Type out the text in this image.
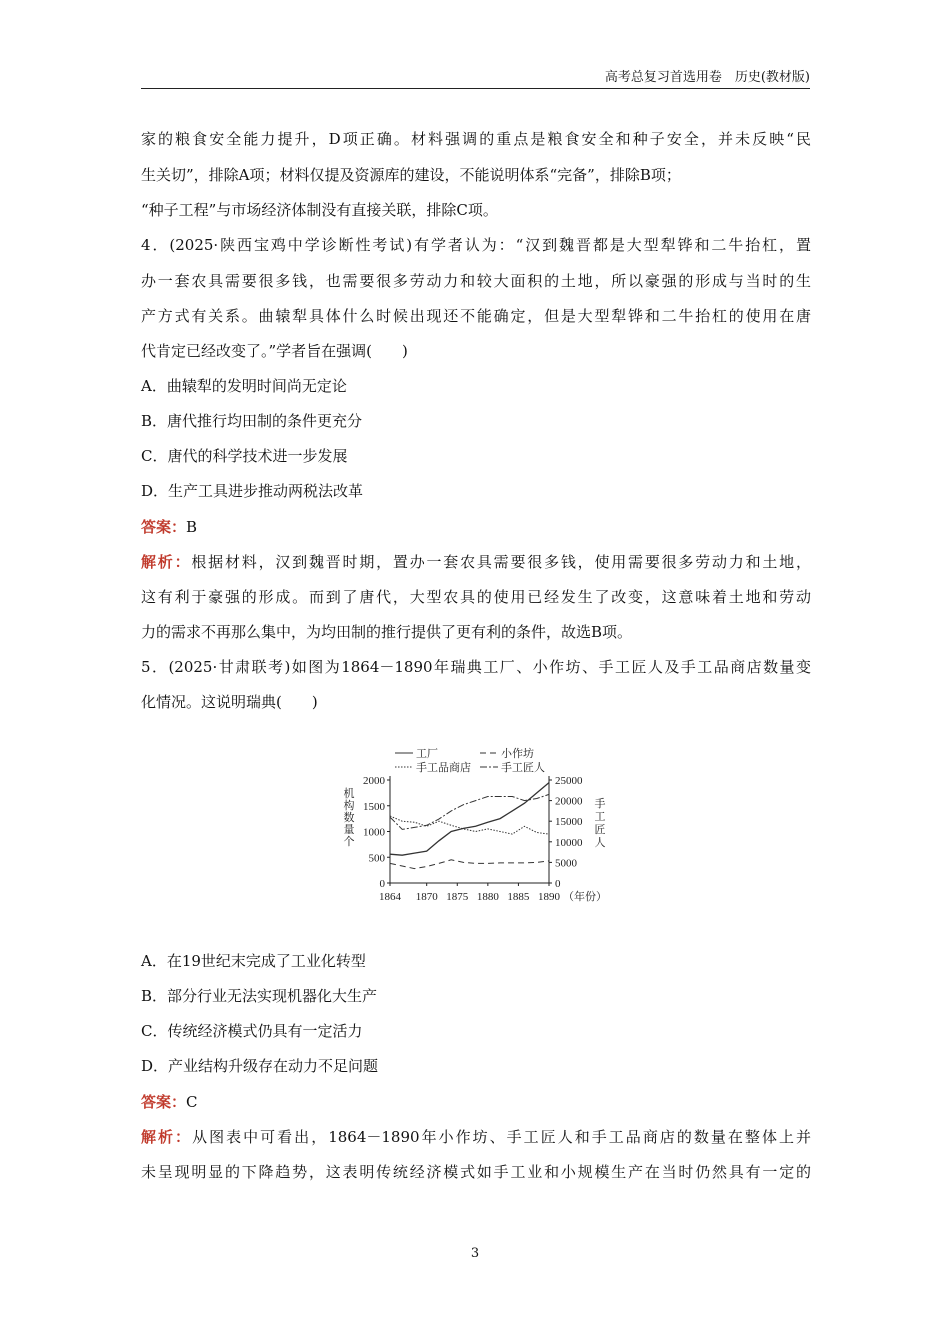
高考总复习首选用卷　历史(教材版)
家的粮食安全能力提升，D项正确。材料强调的重点是粮食安全和种子安全，并未反映“民
生关切”，排除A项；材料仅提及资源库的建设，不能说明体系“完备”，排除B项；
“种子工程”与市场经济体制没有直接关联，排除C项。
4．(2025·陕西宝鸡中学诊断性考试)有学者认为：“汉到魏晋都是大型犁铧和二牛抬杠，置
办一套农具需要很多钱，也需要很多劳动力和较大面积的土地，所以豪强的形成与当时的生
产方式有关系。曲辕犁具体什么时候出现还不能确定，但是大型犁铧和二牛抬杠的使用在唐
代肯定已经改变了。”学者旨在强调(　　)
A．曲辕犁的发明时间尚无定论
B．唐代推行均田制的条件更充分
C．唐代的科学技术进一步发展
D．生产工具进步推动两税法改革
答案：B
解析：根据材料，汉到魏晋时期，置办一套农具需要很多钱，使用需要很多劳动力和土地，
这有利于豪强的形成。而到了唐代，大型农具的使用已经发生了改变，这意味着土地和劳动
力的需求不再那么集中，为均田制的推行提供了更有利的条件，故选B项。
5．(2025·甘肃联考)如图为1864－1890年瑞典工厂、小作坊、手工匠人及手工品商店数量变
化情况。这说明瑞典(　　)
0
500
1000
1500
2000
0
5000
10000
15000
20000
25000
1864 1870 1875 1880 1885 1890 （年份）
机
构
数
量
个
手
工
匠
人
工厂	小作坊
手工品商店	手工匠人
A．在19世纪末完成了工业化转型
B．部分行业无法实现机器化大生产
C．传统经济模式仍具有一定活力
D．产业结构升级存在动力不足问题
答案：C
解析：从图表中可看出，1864－1890年小作坊、手工匠人和手工品商店的数量在整体上并
未呈现明显的下降趋势，这表明传统经济模式如手工业和小规模生产在当时仍然具有一定的
3
